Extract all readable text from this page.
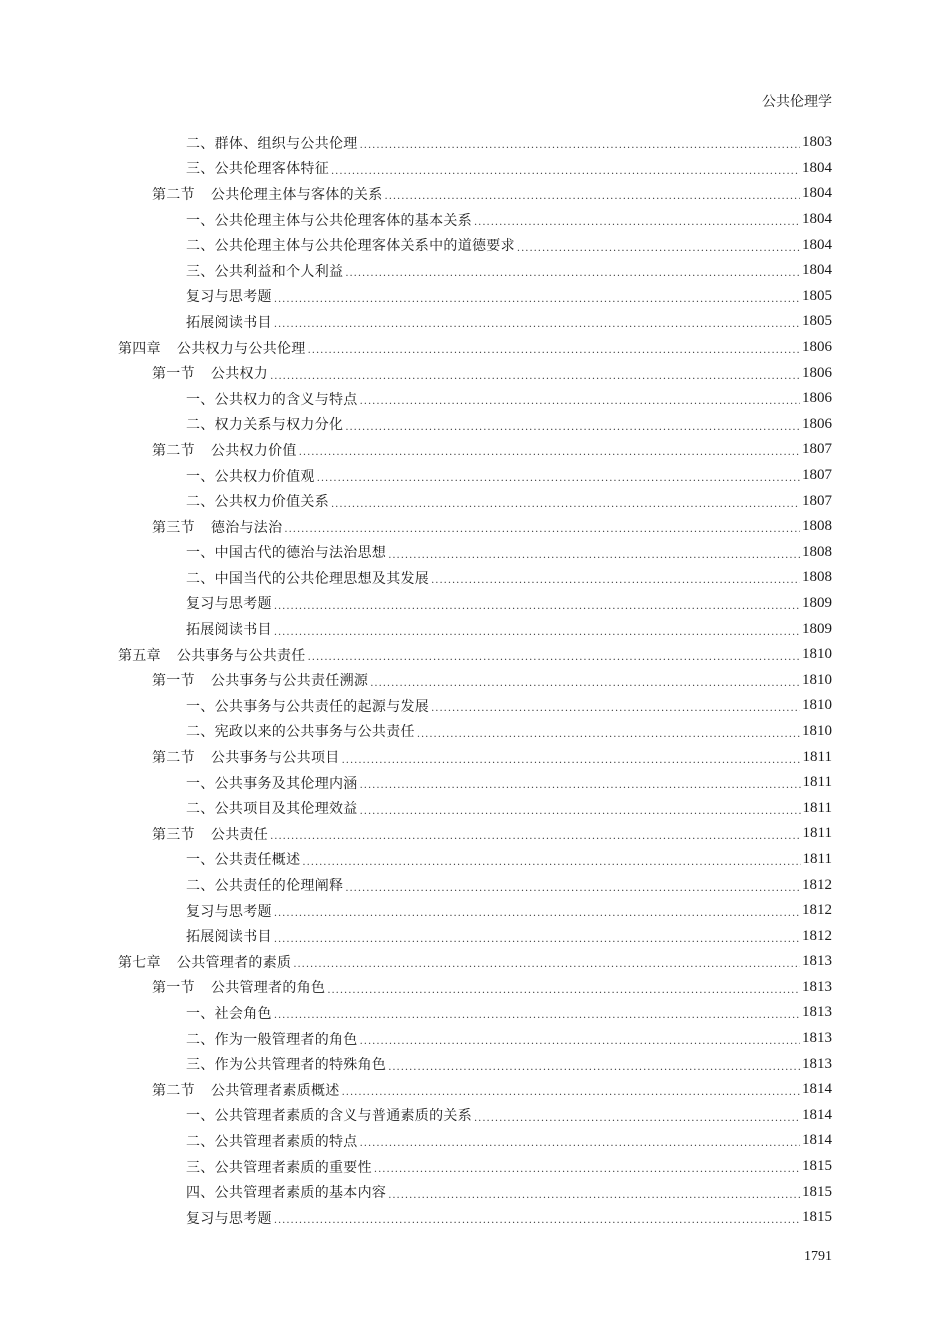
公共伦理学
二、群体、组织与公共伦理 .....	1803
三、公共伦理客体特征 .....	1804
第二节 公共伦理主体与客体的关系 .....	1804
一、公共伦理主体与公共伦理客体的基本关系 .....	1804
二、公共伦理主体与公共伦理客体关系中的道德要求 .....	1804
三、公共利益和个人利益 .....	1804
复习与思考题 .....	1805
拓展阅读书目 .....	1805
第四章 公共权力与公共伦理 .....	1806
第一节 公共权力 .....	1806
一、公共权力的含义与特点 .....	1806
二、权力关系与权力分化 .....	1806
第二节 公共权力价值 .....	1807
一、公共权力价值观 .....	1807
二、公共权力价值关系 .....	1807
第三节 德治与法治 .....	1808
一、中国古代的德治与法治思想 .....	1808
二、中国当代的公共伦理思想及其发展 .....	1808
复习与思考题 .....	1809
拓展阅读书目 .....	1809
第五章 公共事务与公共责任 .....	1810
第一节 公共事务与公共责任溯源 .....	1810
一、公共事务与公共责任的起源与发展 .....	1810
二、宪政以来的公共事务与公共责任 .....	1810
第二节 公共事务与公共项目 .....	1811
一、公共事务及其伦理内涵 .....	1811
二、公共项目及其伦理效益 .....	1811
第三节 公共责任 .....	1811
一、公共责任概述 .....	1811
二、公共责任的伦理阐释 .....	1812
复习与思考题 .....	1812
拓展阅读书目 .....	1812
第七章 公共管理者的素质 .....	1813
第一节 公共管理者的角色 .....	1813
一、社会角色 .....	1813
二、作为一般管理者的角色 .....	1813
三、作为公共管理者的特殊角色 .....	1813
第二节 公共管理者素质概述 .....	1814
一、公共管理者素质的含义与普通素质的关系 .....	1814
二、公共管理者素质的特点 .....	1814
三、公共管理者素质的重要性 .....	1815
四、公共管理者素质的基本内容 .....	1815
复习与思考题 .....	1815
1791
